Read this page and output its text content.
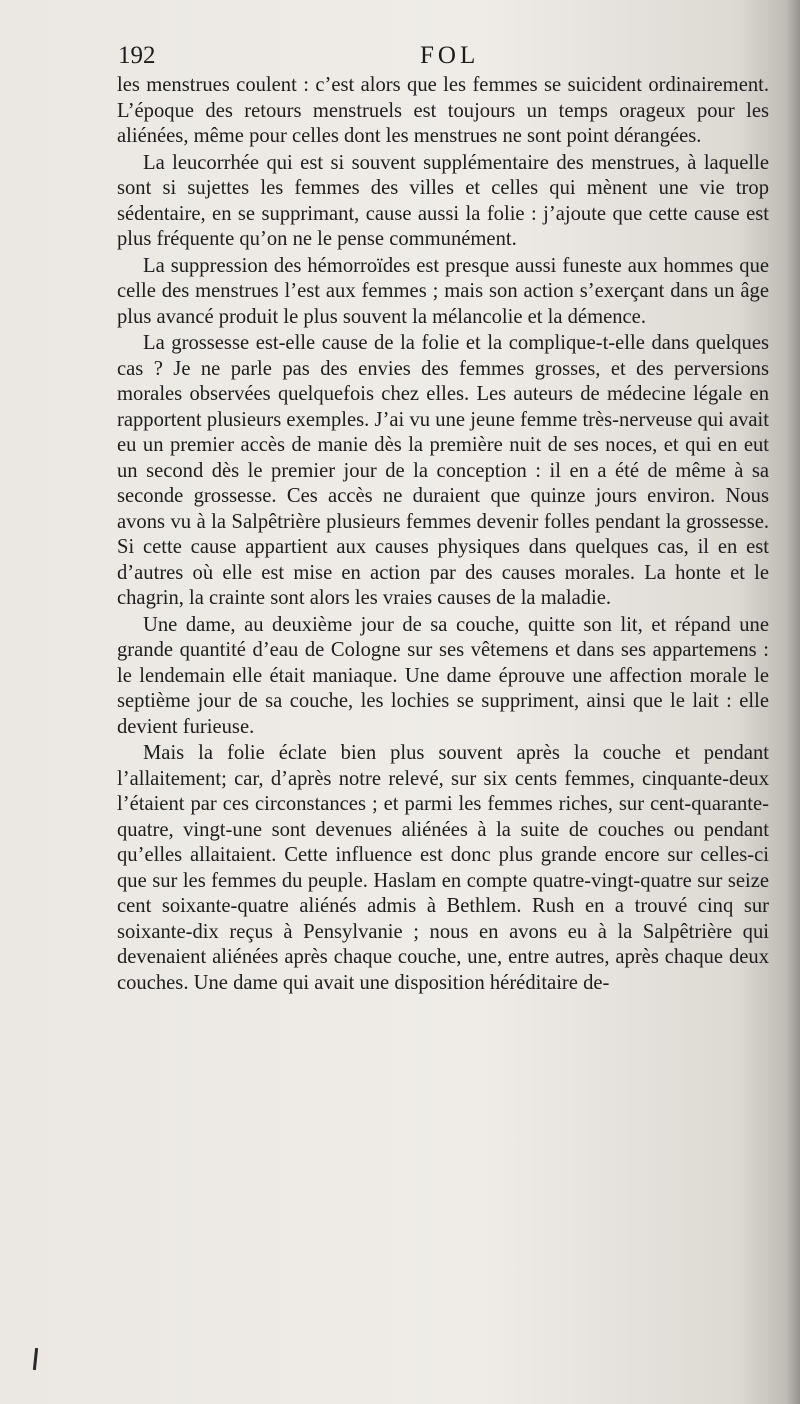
192	FOL

les menstrues coulent : c’est alors que les femmes se suicident ordinairement. L’époque des retours menstruels est toujours un temps orageux pour les aliénées, même pour celles dont les menstrues ne sont point dérangées.

La leucorrhée qui est si souvent supplémentaire des menstrues, à laquelle sont si sujettes les femmes des villes et celles qui mènent une vie trop sédentaire, en se supprimant, cause aussi la folie : j’ajoute que cette cause est plus fréquente qu’on ne le pense communément.

La suppression des hémorroïdes est presque aussi funeste aux hommes que celle des menstrues l’est aux femmes ; mais son action s’exerçant dans un âge plus avancé produit le plus souvent la mélancolie et la démence.

La grossesse est-elle cause de la folie et la complique-t-elle dans quelques cas ? Je ne parle pas des envies des femmes grosses, et des perversions morales observées quelquefois chez elles. Les auteurs de médecine légale en rapportent plusieurs exemples. J’ai vu une jeune femme très-nerveuse qui avait eu un premier accès de manie dès la première nuit de ses noces, et qui en eut un second dès le premier jour de la conception : il en a été de même à sa seconde grossesse. Ces accès ne duraient que quinze jours environ. Nous avons vu à la Salpêtrière plusieurs femmes devenir folles pendant la grossesse. Si cette cause appartient aux causes physiques dans quelques cas, il en est d’autres où elle est mise en action par des causes morales. La honte et le chagrin, la crainte sont alors les vraies causes de la maladie.

Une dame, au deuxième jour de sa couche, quitte son lit, et répand une grande quantité d’eau de Cologne sur ses vêtemens et dans ses appartemens : le lendemain elle était maniaque. Une dame éprouve une affection morale le septième jour de sa couche, les lochies se suppriment, ainsi que le lait : elle devient furieuse.

Mais la folie éclate bien plus souvent après la couche et pendant l’allaitement; car, d’après notre relevé, sur six cents femmes, cinquante-deux l’étaient par ces circonstances ; et parmi les femmes riches, sur cent-quarante-quatre, vingt-une sont devenues aliénées à la suite de couches ou pendant qu’elles allaitaient. Cette influence est donc plus grande encore sur celles-ci que sur les femmes du peuple. Haslam en compte quatre-vingt-quatre sur seize cent soixante-quatre aliénés admis à Bethlem. Rush en a trouvé cinq sur soixante-dix reçus à Pensylvanie ; nous en avons eu à la Salpêtrière qui devenaient aliénées après chaque couche, une, entre autres, après chaque deux couches. Une dame qui avait une disposition héréditaire de-
